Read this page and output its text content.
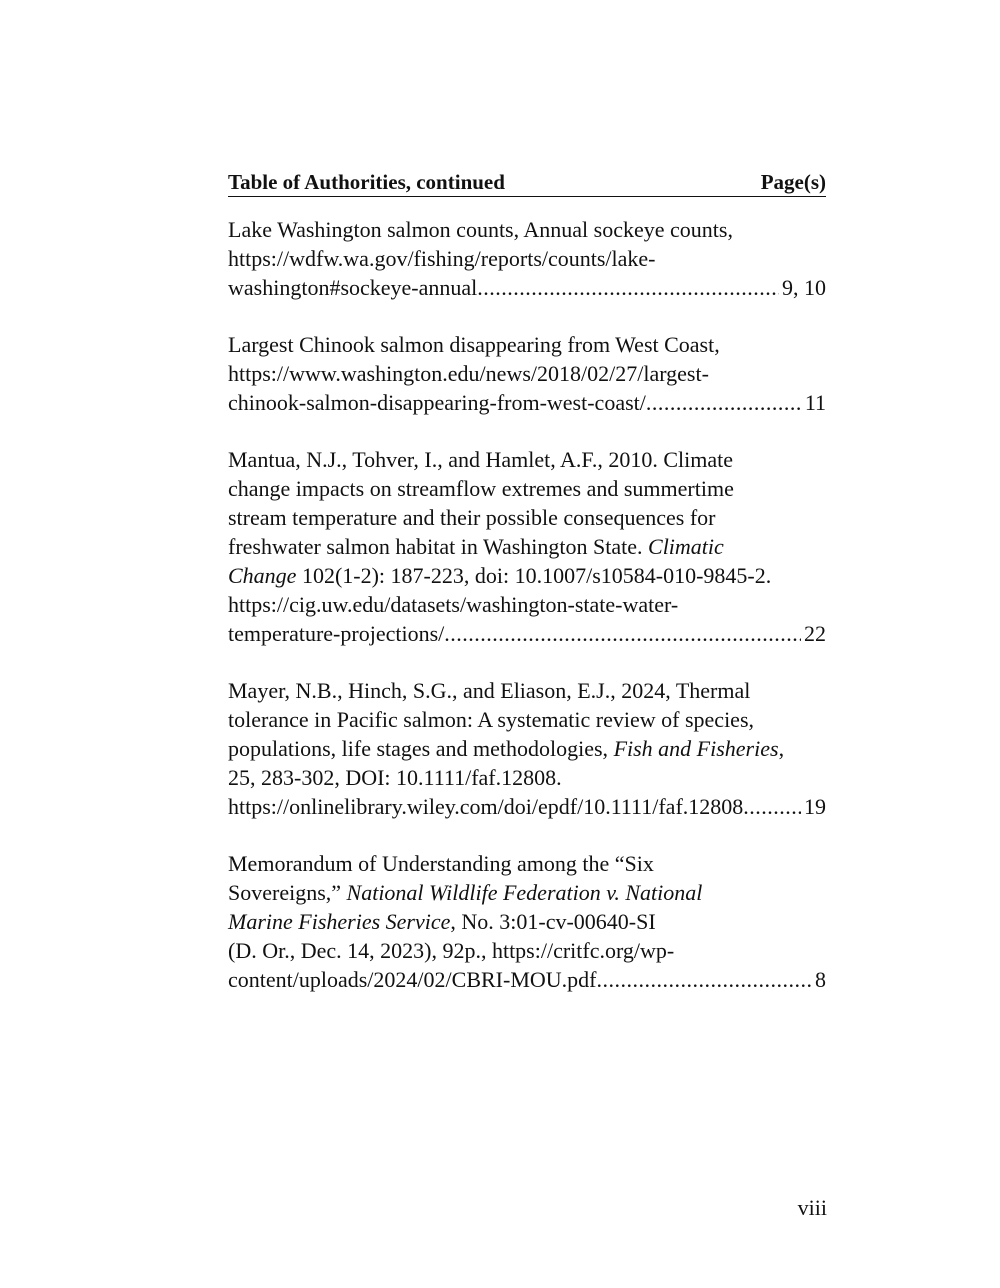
Table of Authorities, continued	Page(s)
Lake Washington salmon counts, Annual sockeye counts,
https://wdfw.wa.gov/fishing/reports/counts/lake-
washington#sockeye-annual .....	9, 10
Largest Chinook salmon disappearing from West Coast,
https://www.washington.edu/news/2018/02/27/largest-
chinook-salmon-disappearing-from-west-coast/ .....	11
Mantua, N.J., Tohver, I., and Hamlet, A.F., 2010. Climate
change impacts on streamflow extremes and summertime
stream temperature and their possible consequences for
freshwater salmon habitat in Washington State. Climatic
Change 102(1-2): 187-223, doi: 10.1007/s10584-010-9845-2.
https://cig.uw.edu/datasets/washington-state-water-
temperature-projections/ .....	22
Mayer, N.B., Hinch, S.G., and Eliason, E.J., 2024, Thermal
tolerance in Pacific salmon: A systematic review of species,
populations, life stages and methodologies, Fish and Fisheries,
25, 283-302, DOI: 10.1111/faf.12808.
https://onlinelibrary.wiley.com/doi/epdf/10.1111/faf.12808 .....	19
Memorandum of Understanding among the “Six
Sovereigns,” National Wildlife Federation v. National
Marine Fisheries Service, No. 3:01-cv-00640-SI
(D. Or., Dec. 14, 2023), 92p., https://critfc.org/wp-
content/uploads/2024/02/CBRI-MOU.pdf .....	8
viii
